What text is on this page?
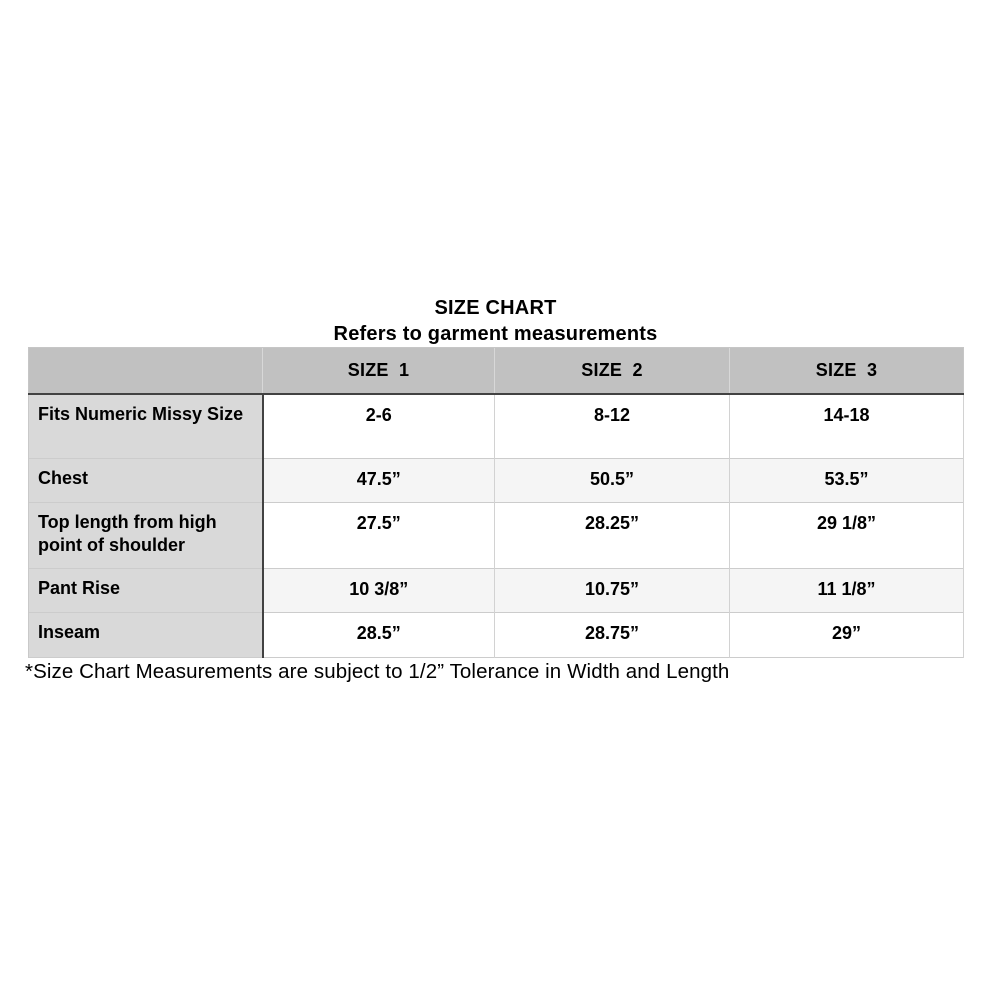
SIZE CHART
Refers to garment measurements
	SIZE  1	SIZE  2	SIZE  3
Fits Numeric Missy Size	2-6	8-12	14-18
Chest	47.5”	50.5”	53.5”
Top length from high point of shoulder	27.5”	28.25”	29 1/8”
Pant Rise	10 3/8”	10.75”	11 1/8”
Inseam	28.5”	28.75”	29”
*Size Chart Measurements are subject to 1/2” Tolerance in Width and Length
